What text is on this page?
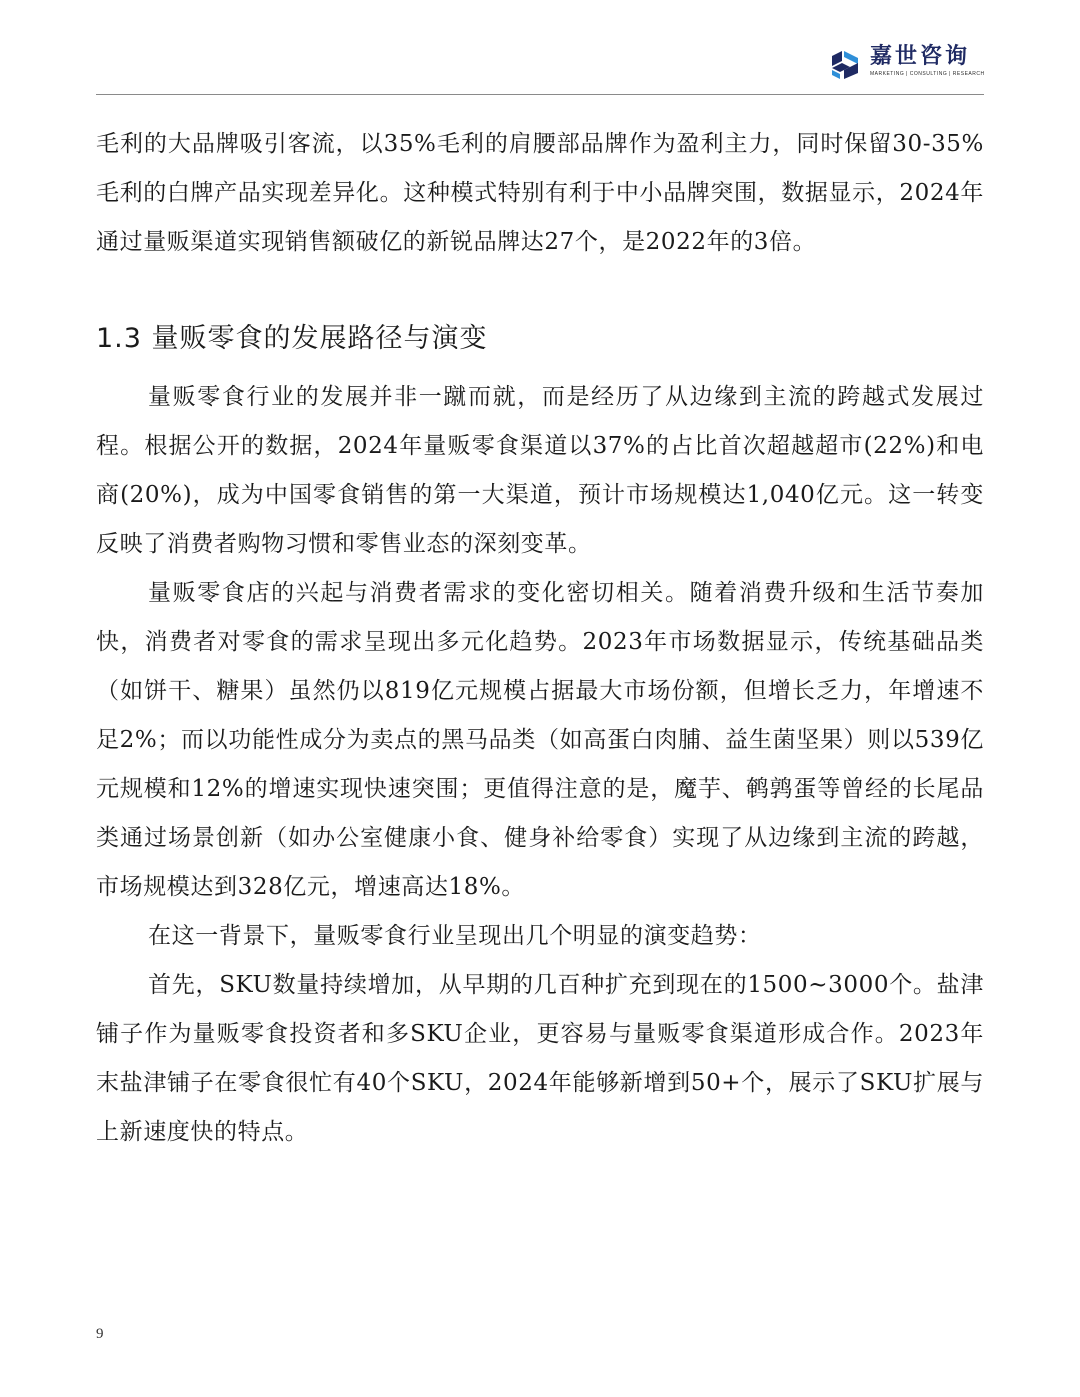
嘉世咨询
MARKETING | CONSULTING | RESEARCH

毛利的大品牌吸引客流，以35%毛利的肩腰部品牌作为盈利主力，同时保留30-35%毛利的白牌产品实现差异化。这种模式特别有利于中小品牌突围，数据显示，2024年通过量贩渠道实现销售额破亿的新锐品牌达27个，是2022年的3倍。

1.3 量贩零食的发展路径与演变

量贩零食行业的发展并非一蹴而就，而是经历了从边缘到主流的跨越式发展过程。根据公开的数据，2024年量贩零食渠道以37%的占比首次超越超市(22%)和电商(20%)，成为中国零食销售的第一大渠道，预计市场规模达1,040亿元。这一转变反映了消费者购物习惯和零售业态的深刻变革。

量贩零食店的兴起与消费者需求的变化密切相关。随着消费升级和生活节奏加快，消费者对零食的需求呈现出多元化趋势。2023年市场数据显示，传统基础品类（如饼干、糖果）虽然仍以819亿元规模占据最大市场份额，但增长乏力，年增速不足2%；而以功能性成分为卖点的黑马品类（如高蛋白肉脯、益生菌坚果）则以539亿元规模和12%的增速实现快速突围；更值得注意的是，魔芋、鹌鹑蛋等曾经的长尾品类通过场景创新（如办公室健康小食、健身补给零食）实现了从边缘到主流的跨越，市场规模达到328亿元，增速高达18%。

在这一背景下，量贩零食行业呈现出几个明显的演变趋势：

首先，SKU数量持续增加，从早期的几百种扩充到现在的1500~3000个。盐津铺子作为量贩零食投资者和多SKU企业，更容易与量贩零食渠道形成合作。2023年末盐津铺子在零食很忙有40个SKU，2024年能够新增到50+个，展示了SKU扩展与上新速度快的特点。

9
